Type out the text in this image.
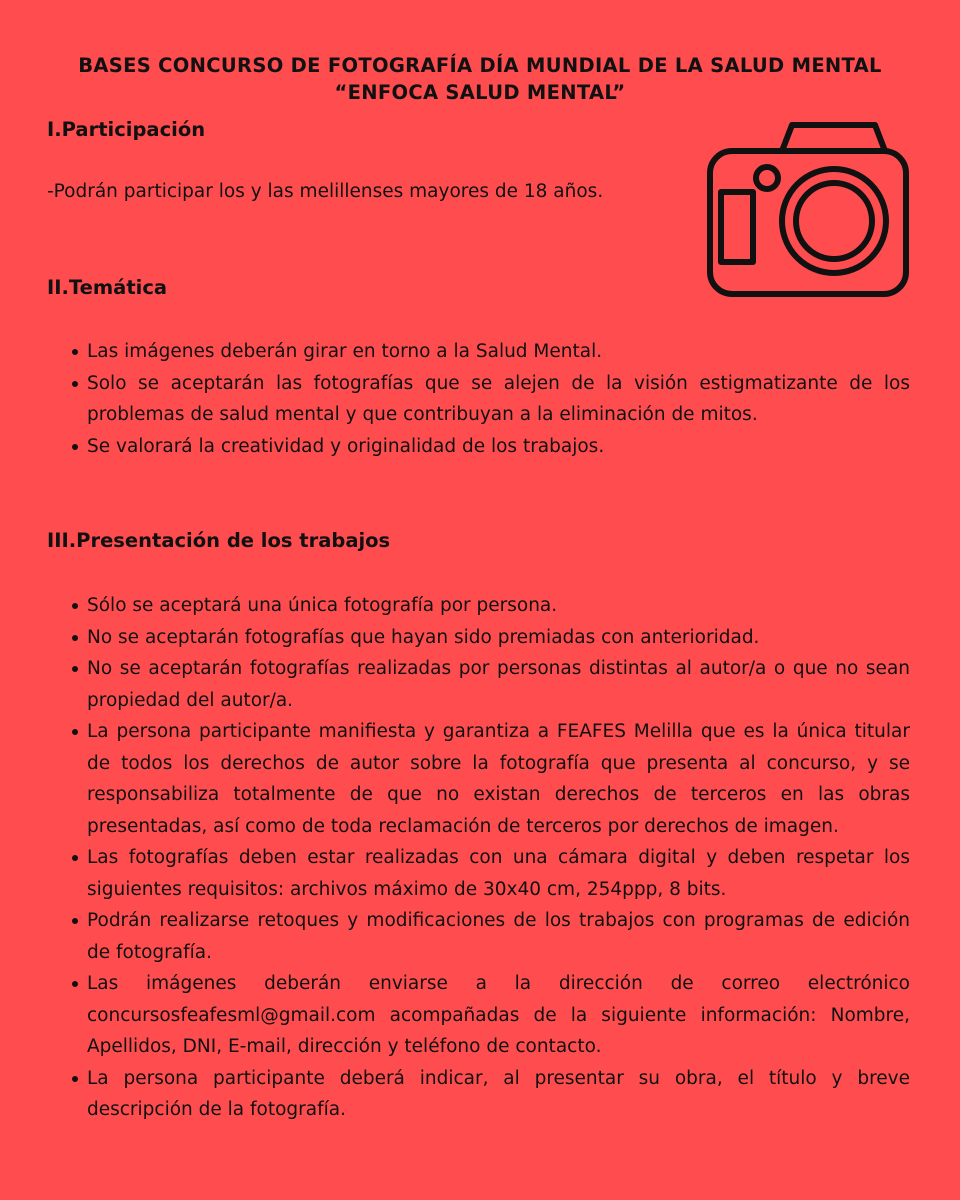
BASES CONCURSO DE FOTOGRAFÍA DÍA MUNDIAL DE LA SALUD MENTAL
“ENFOCA SALUD MENTAL”
I.Participación
-Podrán participar los y las melillenses mayores de 18 años.
II.Temática
Las imágenes deberán girar en torno a la Salud Mental.
Solo se aceptarán las fotografías que se alejen de la visión estigmatizante de los problemas de salud mental y que contribuyan a la eliminación de mitos.
Se valorará la creatividad y originalidad de los trabajos.
III.Presentación de los trabajos
Sólo se aceptará una única fotografía por persona.
No se aceptarán fotografías que hayan sido premiadas con anterioridad.
No se aceptarán fotografías realizadas por personas distintas al autor/a o que no sean propiedad del autor/a.
La persona participante manifiesta y garantiza a FEAFES Melilla que es la única titular de todos los derechos de autor sobre la fotografía que presenta al concurso, y se responsabiliza totalmente de que no existan derechos de terceros en las obras presentadas, así como de toda reclamación de terceros por derechos de imagen.
Las fotografías deben estar realizadas con una cámara digital y deben respetar los siguientes requisitos: archivos máximo de 30x40 cm, 254ppp, 8 bits.
Podrán realizarse retoques y modificaciones de los trabajos con programas de edición de fotografía.
Las imágenes deberán enviarse a la dirección de correo electrónico concursosfeafesml@gmail.com acompañadas de la siguiente información: Nombre, Apellidos, DNI, E-mail, dirección y teléfono de contacto.
La persona participante deberá indicar, al presentar su obra, el título y breve descripción de la fotografía.
